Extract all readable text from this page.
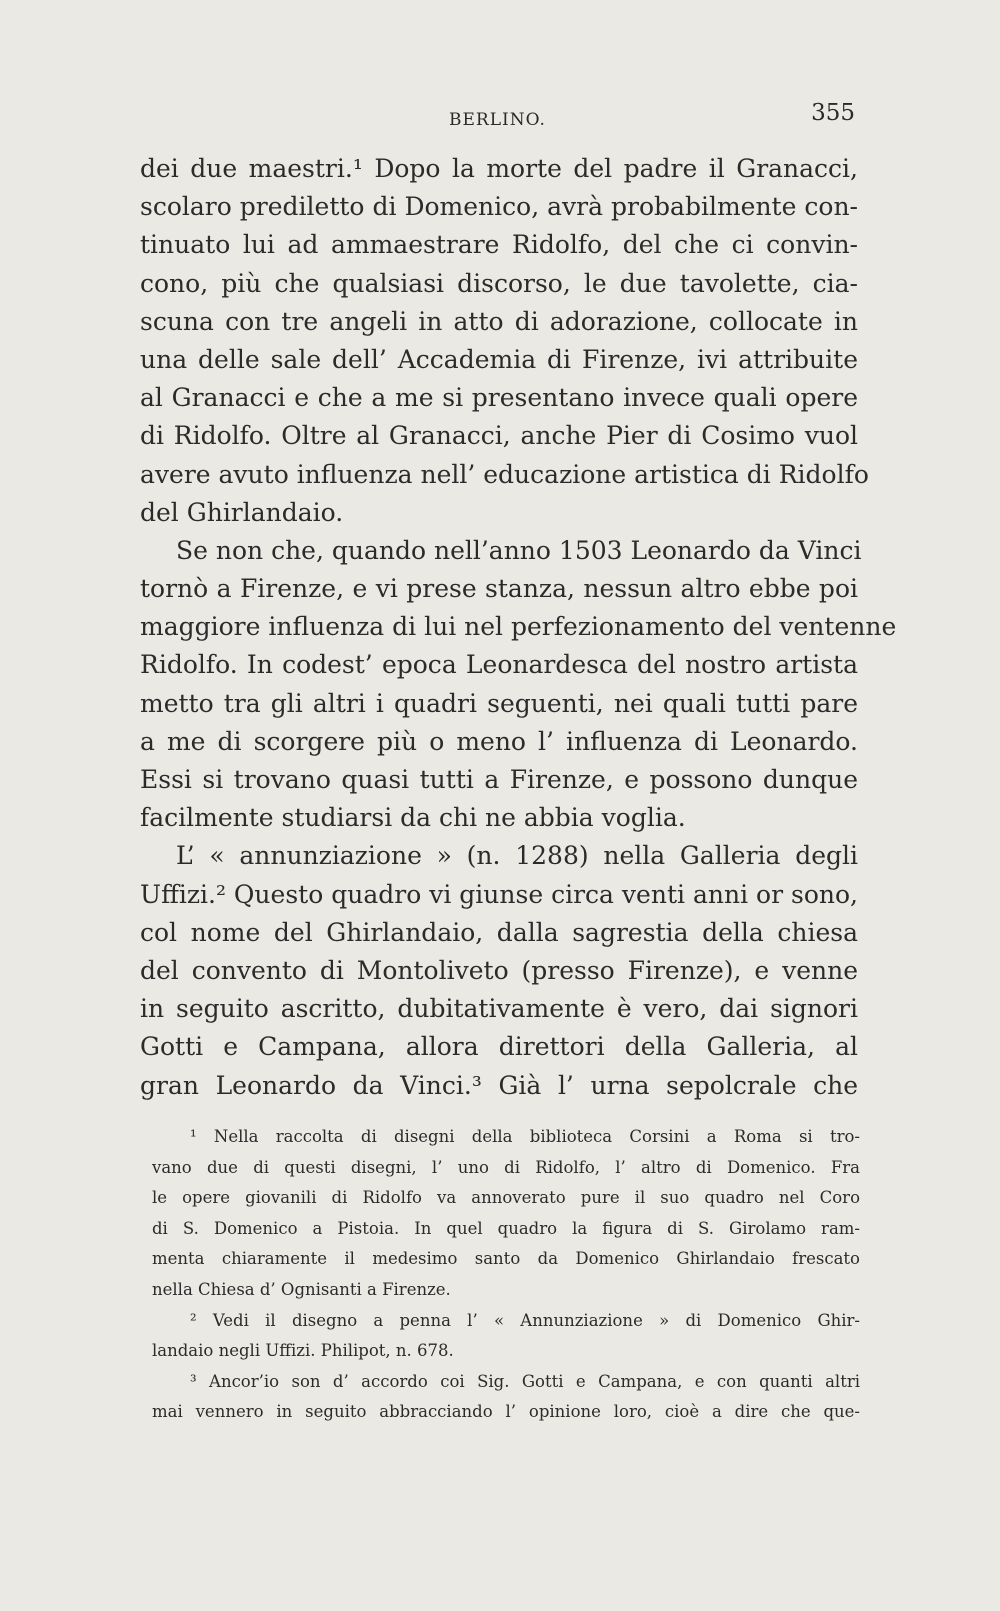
BERLINO.	355
dei due maestri.¹ Dopo la morte del padre il Granacci,
scolaro prediletto di Domenico, avrà probabilmente con-
tinuato lui ad ammaestrare Ridolfo, del che ci convin-
cono, più che qualsiasi discorso, le due tavolette, cia-
scuna con tre angeli in atto di adorazione, collocate in
una delle sale dell’ Accademia di Firenze, ivi attribuite
al Granacci e che a me si presentano invece quali opere
di Ridolfo. Oltre al Granacci, anche Pier di Cosimo vuol
avere avuto influenza nell’ educazione artistica di Ridolfo
del Ghirlandaio.
Se non che, quando nell’anno 1503 Leonardo da Vinci
tornò a Firenze, e vi prese stanza, nessun altro ebbe poi
maggiore influenza di lui nel perfezionamento del ventenne
Ridolfo. In codest’ epoca Leonardesca del nostro artista
metto tra gli altri i quadri seguenti, nei quali tutti pare
a me di scorgere più o meno l’ influenza di Leonardo.
Essi si trovano quasi tutti a Firenze, e possono dunque
facilmente studiarsi da chi ne abbia voglia.
L’ « annunziazione » (n. 1288) nella Galleria degli
Uffizi.² Questo quadro vi giunse circa venti anni or sono,
col nome del Ghirlandaio, dalla sagrestia della chiesa
del convento di Montoliveto (presso Firenze), e venne
in seguito ascritto, dubitativamente è vero, dai signori
Gotti e Campana, allora direttori della Galleria, al
gran Leonardo da Vinci.³ Già l’ urna sepolcrale che
¹ Nella raccolta di disegni della biblioteca Corsini a Roma si tro-
vano due di questi disegni, l’ uno di Ridolfo, l’ altro di Domenico. Fra
le opere giovanili di Ridolfo va annoverato pure il suo quadro nel Coro
di S. Domenico a Pistoia. In quel quadro la figura di S. Girolamo ram-
menta chiaramente il medesimo santo da Domenico Ghirlandaio frescato
nella Chiesa d’ Ognisanti a Firenze.
² Vedi il disegno a penna l’ « Annunziazione » di Domenico Ghir-
landaio negli Uffizi. Philipot, n. 678.
³ Ancor’io son d’ accordo coi Sig. Gotti e Campana, e con quanti altri
mai vennero in seguito abbracciando l’ opinione loro, cioè a dire che que-
